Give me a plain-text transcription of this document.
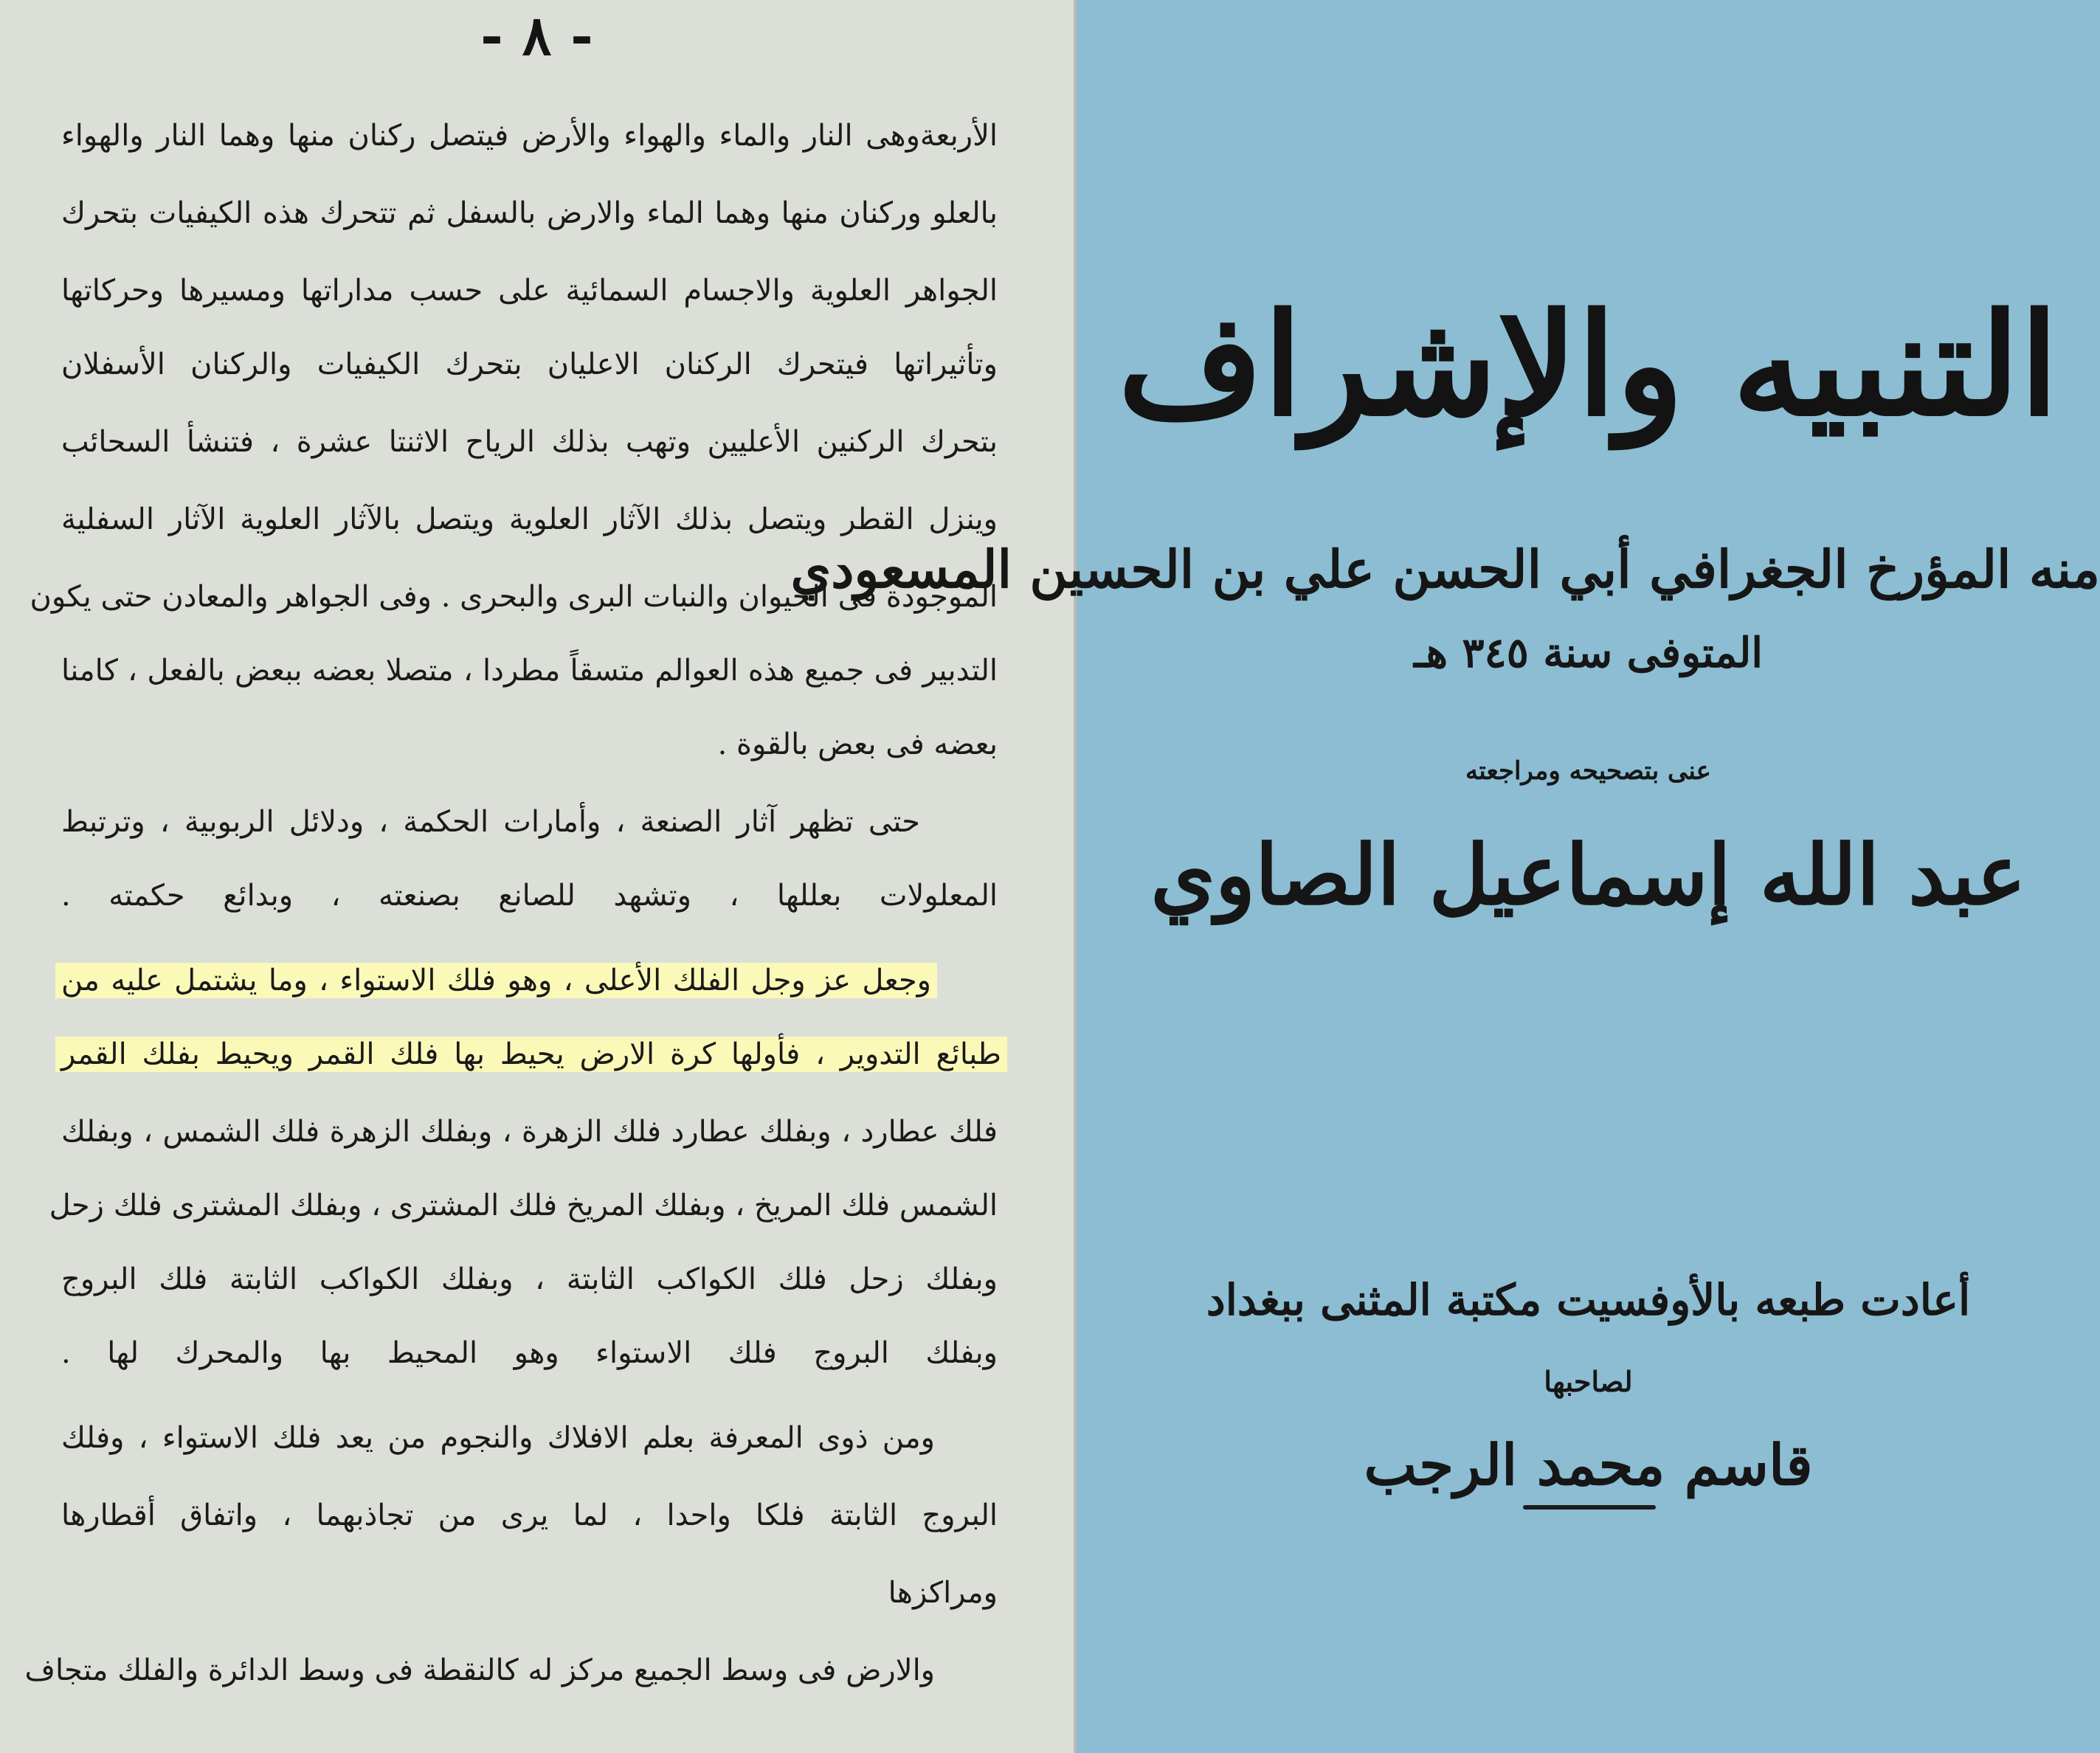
- ٨ -
الأربعةوهى النار والماء والهواء والأرض فيتصل ركنان منها وهما النار والهواء
بالعلو وركنان منها وهما الماء والارض بالسفل ثم تتحرك هذه الكيفيات بتحرك
الجواهر العلوية والاجسام السمائية على حسب مداراتها ومسيرها وحركاتها
وتأثيراتها فيتحرك الركنان الاعليان بتحرك الكيفيات والركنان الأسفلان
بتحرك الركنين الأعليين وتهب بذلك الرياح الاثنتا عشرة ، فتنشأ السحائب
وينزل القطر ويتصل بذلك الآثار العلوية ويتصل بالآثار العلوية الآثار السفلية
الموجودة فى الحيوان والنبات البرى والبحرى . وفى الجواهر والمعادن حتى يكون
التدبير فى جميع هذه العوالم متسقاً مطردا ، متصلا بعضه ببعض بالفعل ، كامنا
بعضه فى بعض بالقوة .
حتى تظهر آثار الصنعة ، وأمارات الحكمة ، ودلائل الربوبية ، وترتبط
المعلولات بعللها ، وتشهد للصانع بصنعته ، وبدائع حكمته .
وجعل عز وجل الفلك الأعلى ، وهو فلك الاستواء ، وما يشتمل عليه من
طبائع التدوير ، فأولها كرة الارض يحيط بها فلك القمر ويحيط بفلك القمر
فلك عطارد ، وبفلك عطارد فلك الزهرة ، وبفلك الزهرة فلك الشمس ، وبفلك
الشمس فلك المريخ ، وبفلك المريخ فلك المشترى ، وبفلك المشترى فلك زحل
وبفلك زحل فلك الكواكب الثابتة ، وبفلك الكواكب الثابتة فلك البروج
وبفلك البروج فلك الاستواء وهو المحيط بها والمحرك لها .
ومن ذوى المعرفة بعلم الافلاك والنجوم من يعد فلك الاستواء ، وفلك
البروج الثابتة فلكا واحدا ، لما يرى من تجاذبهما ، واتفاق أقطارها
ومراكزها
والارض فى وسط الجميع مركز له كالنقطة فى وسط الدائرة والفلك متجاف
التنبيه والإشراف
منه المؤرخ الجغرافي أبي الحسن علي بن الحسين المسعودي
المتوفى سنة ٣٤٥ هـ
عنى بتصحيحه ومراجعته
عبد الله إسماعيل الصاوي
أعادت طبعه بالأوفسيت مكتبة المثنى ببغداد
لصاحبها
قاسم محمد الرجب
